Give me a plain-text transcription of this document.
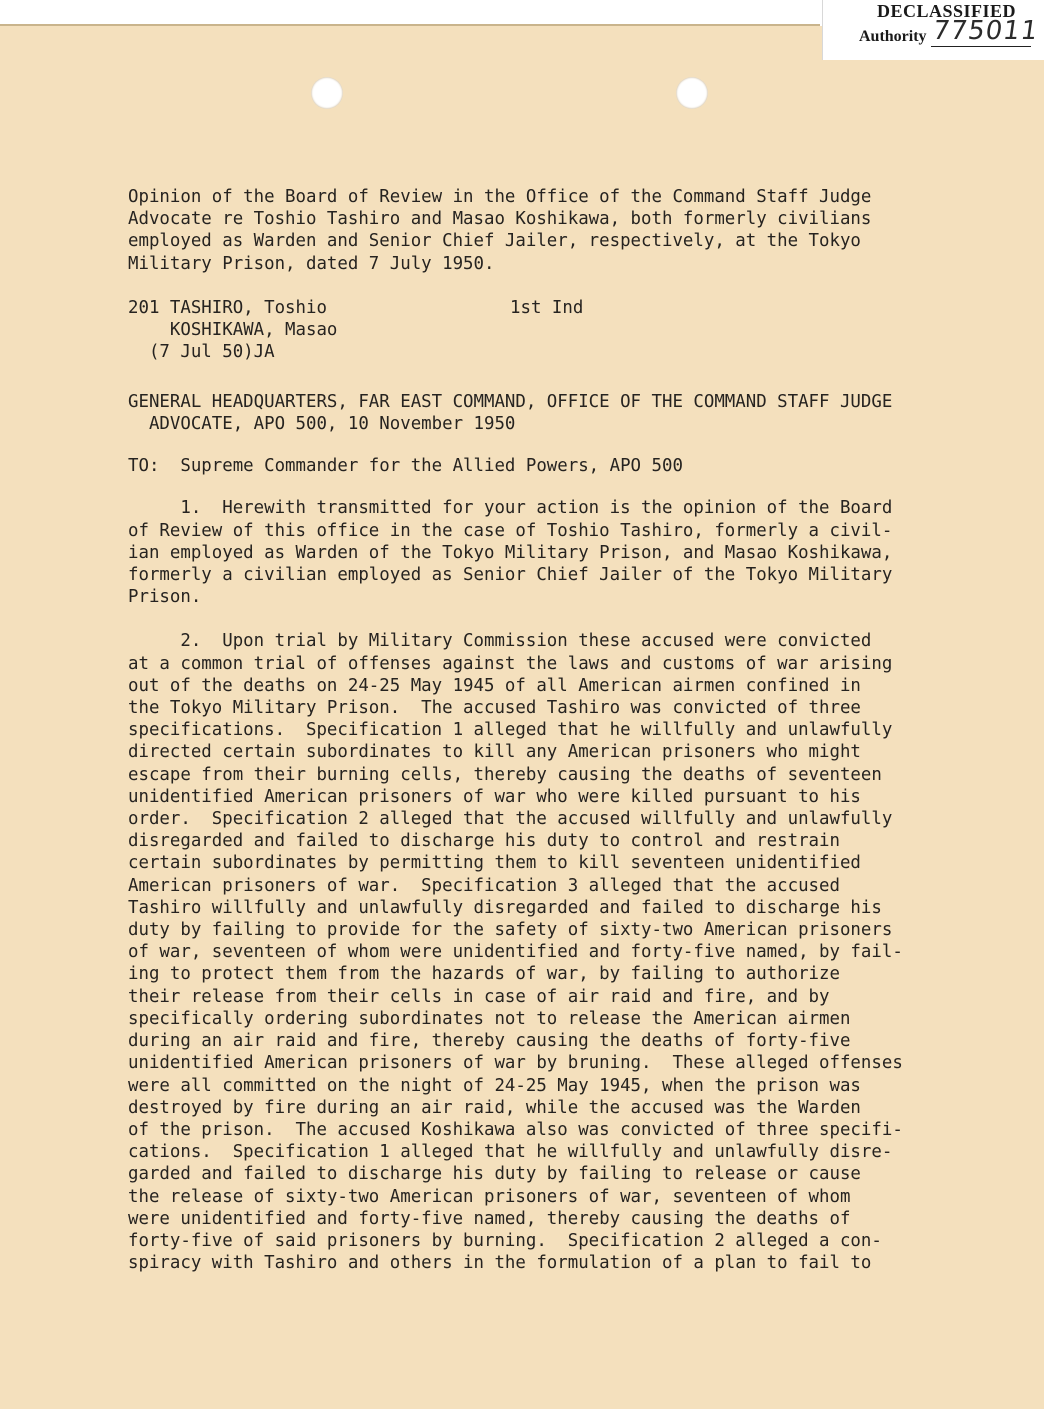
DECLASSIFIED
Authority 775011
Opinion of the Board of Review in the Office of the Command Staff Judge
Advocate re Toshio Tashiro and Masao Koshikawa, both formerly civilians
employed as Warden and Senior Chief Jailer, respectively, at the Tokyo
Military Prison, dated 7 July 1950.
201 TASHIRO, Toshio
KOSHIKAWA, Masao
(7 Jul 50)JA
1st Ind
GENERAL HEADQUARTERS, FAR EAST COMMAND, OFFICE OF THE COMMAND STAFF JUDGE
ADVOCATE, APO 500, 10 November 1950
TO:  Supreme Commander for the Allied Powers, APO 500
1.  Herewith transmitted for your action is the opinion of the Board
of Review of this office in the case of Toshio Tashiro, formerly a civil-
ian employed as Warden of the Tokyo Military Prison, and Masao Koshikawa,
formerly a civilian employed as Senior Chief Jailer of the Tokyo Military
Prison.
2.  Upon trial by Military Commission these accused were convicted
at a common trial of offenses against the laws and customs of war arising
out of the deaths on 24-25 May 1945 of all American airmen confined in
the Tokyo Military Prison.  The accused Tashiro was convicted of three
specifications.  Specification 1 alleged that he willfully and unlawfully
directed certain subordinates to kill any American prisoners who might
escape from their burning cells, thereby causing the deaths of seventeen
unidentified American prisoners of war who were killed pursuant to his
order.  Specification 2 alleged that the accused willfully and unlawfully
disregarded and failed to discharge his duty to control and restrain
certain subordinates by permitting them to kill seventeen unidentified
American prisoners of war.  Specification 3 alleged that the accused
Tashiro willfully and unlawfully disregarded and failed to discharge his
duty by failing to provide for the safety of sixty-two American prisoners
of war, seventeen of whom were unidentified and forty-five named, by fail-
ing to protect them from the hazards of war, by failing to authorize
their release from their cells in case of air raid and fire, and by
specifically ordering subordinates not to release the American airmen
during an air raid and fire, thereby causing the deaths of forty-five
unidentified American prisoners of war by bruning.  These alleged offenses
were all committed on the night of 24-25 May 1945, when the prison was
destroyed by fire during an air raid, while the accused was the Warden
of the prison.  The accused Koshikawa also was convicted of three specifi-
cations.  Specification 1 alleged that he willfully and unlawfully disre-
garded and failed to discharge his duty by failing to release or cause
the release of sixty-two American prisoners of war, seventeen of whom
were unidentified and forty-five named, thereby causing the deaths of
forty-five of said prisoners by burning.  Specification 2 alleged a con-
spiracy with Tashiro and others in the formulation of a plan to fail to
